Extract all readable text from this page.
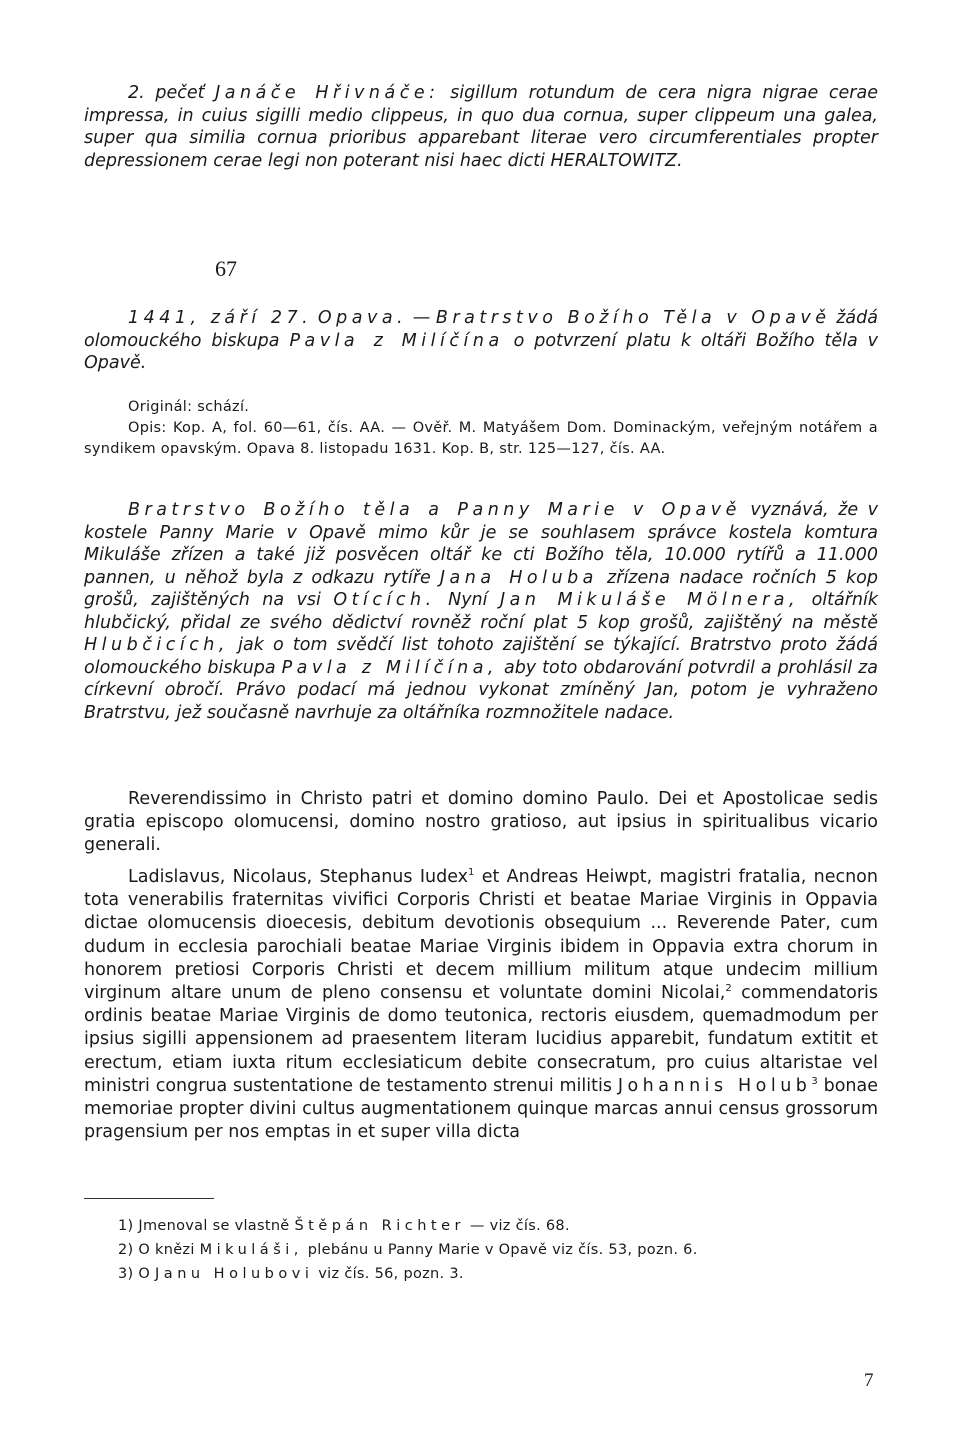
2. pečeť Janáče Hřivnáče: sigillum rotundum de cera nigra nigrae cerae impressa, in cuius sigilli medio clippeus, in quo dua cornua, super clippeum una galea, super qua similia cornua prioribus apparebant literae vero circumferentiales propter depressionem cerae legi non poterant nisi haec dicti HERALTOWITZ.

67

1441, září 27. Opava. — Bratrstvo Božího Těla v Opavě žádá olomouckého biskupa Pavla z Milíčína o potvrzení platu k oltáři Božího těla v Opavě.

Originál: schází.

Opis: Kop. A, fol. 60—61, čís. AA. — Ověř. M. Matyášem Dom. Dominackým, veřejným notářem a syndikem opavským. Opava 8. listopadu 1631. Kop. B, str. 125—127, čís. AA.

Bratrstvo Božího těla a Panny Marie v Opavě vyznává, že v kostele Panny Marie v Opavě mimo kůr je se souhlasem správce kostela komtura Mikuláše zřízen a také již posvěcen oltář ke cti Božího těla, 10.000 rytířů a 11.000 pannen, u něhož byla z odkazu rytíře Jana Holuba zřízena nadace ročních 5 kop grošů, zajištěných na vsi Otících. Nyní Jan Mikuláše Mölnera, oltářník hlubčický, přidal ze svého dědictví rovněž roční plat 5 kop grošů, zajištěný na městě Hlubčicích, jak o tom svědčí list tohoto zajištění se týkající. Bratrstvo proto žádá olomouckého biskupa Pavla z Milíčína, aby toto obdarování potvrdil a prohlásil za církevní obročí. Právo podací má jednou vykonat zmíněný Jan, potom je vyhraženo Bratrstvu, jež současně navrhuje za oltářníka rozmnožitele nadace.

Reverendissimo in Christo patri et domino domino Paulo. Dei et Apostolicae sedis gratia episcopo olomucensi, domino nostro gratioso, aut ipsius in spiritualibus vicario generali.

Ladislavus, Nicolaus, Stephanus Iudex$^1$ et Andreas Heiwpt, magistri fratalia, necnon tota venerabilis fraternitas vivifici Corporis Christi et beatae Mariae Virginis in Oppavia dictae olomucensis dioecesis, debitum devotionis obsequium ... Reverende Pater, cum dudum in ecclesia parochiali beatae Mariae Virginis ibidem in Oppavia extra chorum in honorem pretiosi Corporis Christi et decem millium militum atque undecim millium virginum altare unum de pleno consensu et voluntate domini Nicolai,$^2$ commendatoris ordinis beatae Mariae Virginis de domo teutonica, rectoris eiusdem, quemadmodum per ipsius sigilli appensionem ad praesentem literam lucidius apparebit, fundatum extitit et erectum, etiam iuxta ritum ecclesiaticum debite consecratum, pro cuius altaristae vel ministri congrua sustentatione de testamento strenui militis Johannis Holub$^3$ bonae memoriae propter divini cultus augmentationem quinque marcas annui census grossorum pragensium per nos emptas in et super villa dicta

1) Jmenoval se vlastně Štěpán Richter — viz čís. 68.
2) O knězi Mikuláši, plebánu u Panny Marie v Opavě viz čís. 53, pozn. 6.
3) O Janu Holubovi viz čís. 56, pozn. 3.
7
